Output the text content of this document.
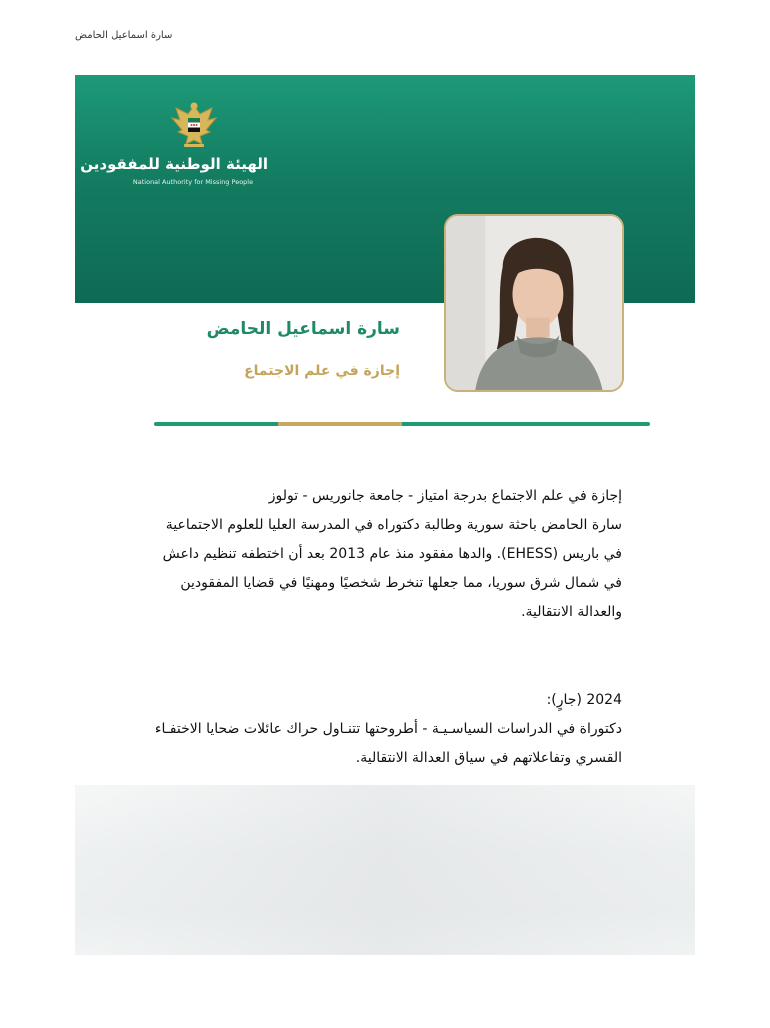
سارة اسماعيل الحامض
الهيئة الوطنية للمفقودين
National Authority for Missing People
سارة اسماعيل الحامض
إجازة في علم الاجتماع

إجازة في علم الاجتماع بدرجة امتياز - جامعة جانوريس - تولوز

سارة الحامض باحثة سورية وطالبة دكتوراه في المدرسة العليا للعلوم الاجتماعية في باريس (EHESS). والدها مفقود منذ عام 2013 بعد أن اختطفه تنظيم داعش في شمال شرق سوريا، مما جعلها تنخرط شخصيًا ومهنيًا في قضايا المفقودين والعدالة الانتقالية.

2024 (جارٍ):

دكتوراة في الدراسات السياسـيـة - أطروحتها تتنـاول حراك عائلات ضحايا الاختفـاء القسري وتفاعلاتهم في سياق العدالة الانتقالية.
